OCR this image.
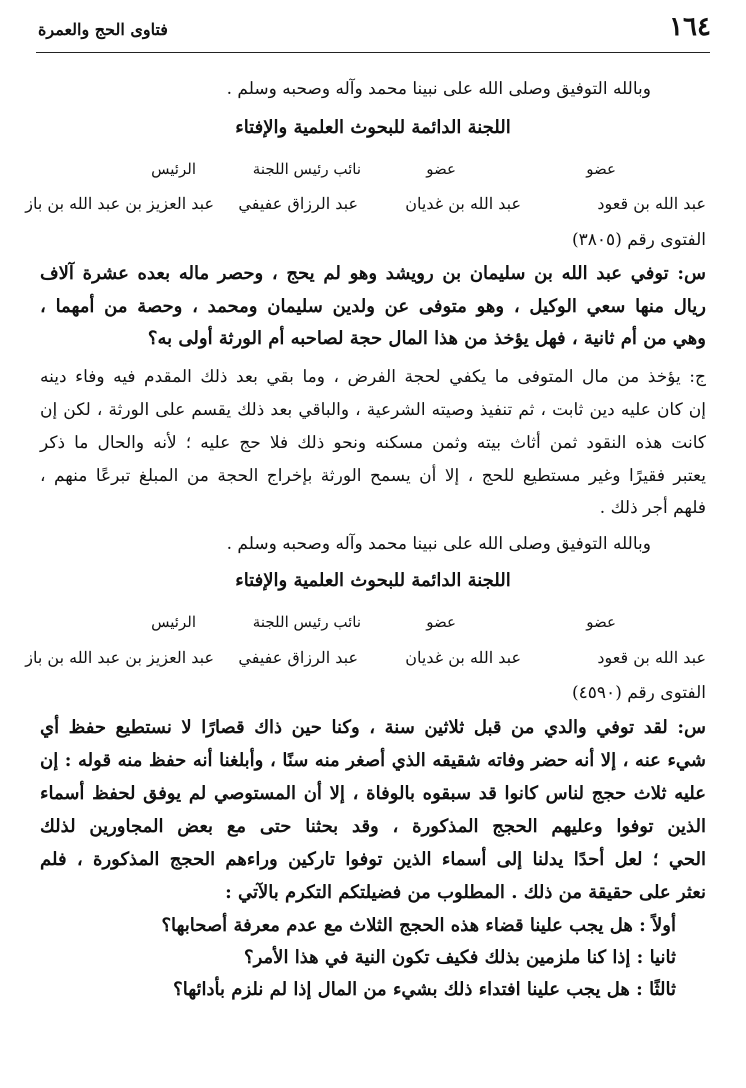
١٦٤
فتاوى الحج والعمرة
وبالله التوفيق وصلى الله على نبينا محمد وآله وصحبه وسلم .
اللجنة الدائمة للبحوث العلمية والإفتاء
عضو
عضو
نائب رئيس اللجنة
الرئيس
عبد الله بن قعود
عبد الله بن غديان
عبد الرزاق عفيفي
عبد العزيز بن عبد الله بن باز
الفتوى رقم (٣٨٠٥)
س: توفي عبد الله بن سليمان بن رويشد وهو لم يحج ، وحصر ماله بعده عشرة آلاف
ريال منها سعي الوكيل ، وهو متوفى عن ولدين سليمان ومحمد ، وحصة من أمهما ،
وهي من أم ثانية ، فهل يؤخذ من هذا المال حجة لصاحبه أم الورثة أولى به؟
ج: يؤخذ من مال المتوفى ما يكفي لحجة الفرض ، وما بقي بعد ذلك المقدم فيه وفاء دينه
إن كان عليه دين ثابت ، ثم تنفيذ وصيته الشرعية ، والباقي بعد ذلك يقسم على الورثة ، لكن إن
كانت هذه النقود ثمن أثاث بيته وثمن مسكنه ونحو ذلك فلا حج عليه ؛ لأنه والحال ما ذكر
يعتبر فقيرًا وغير مستطيع للحج ، إلا أن يسمح الورثة بإخراج الحجة من المبلغ تبرعًا منهم ،
فلهم أجر ذلك .
وبالله التوفيق وصلى الله على نبينا محمد وآله وصحبه وسلم .
اللجنة الدائمة للبحوث العلمية والإفتاء
عضو
عضو
نائب رئيس اللجنة
الرئيس
عبد الله بن قعود
عبد الله بن غديان
عبد الرزاق عفيفي
عبد العزيز بن عبد الله بن باز
الفتوى رقم (٤٥٩٠)
س: لقد توفي والدي من قبل ثلاثين سنة ، وكنا حين ذاك قصارًا لا نستطيع حفظ أي
شيء عنه ، إلا أنه حضر وفاته شقيقه الذي أصغر منه سنًا ، وأبلغنا أنه حفظ منه قوله : إن
عليه ثلاث حجج لناس كانوا قد سبقوه بالوفاة ، إلا أن المستوصي لم يوفق لحفظ أسماء
الذين توفوا وعليهم الحجج المذكورة ، وقد بحثنا حتى مع بعض المجاورين لذلك
الحي ؛ لعل أحدًا يدلنا إلى أسماء الذين توفوا تاركين وراءهم الحجج المذكورة ، فلم
نعثر على حقيقة من ذلك . المطلوب من فضيلتكم التكرم بالآتي :
أولاً : هل يجب علينا قضاء هذه الحجج الثلاث مع عدم معرفة أصحابها؟
ثانيا : إذا كنا ملزمين بذلك فكيف تكون النية في هذا الأمر؟
ثالثًا : هل يجب علينا افتداء ذلك بشيء من المال إذا لم نلزم بأدائها؟
